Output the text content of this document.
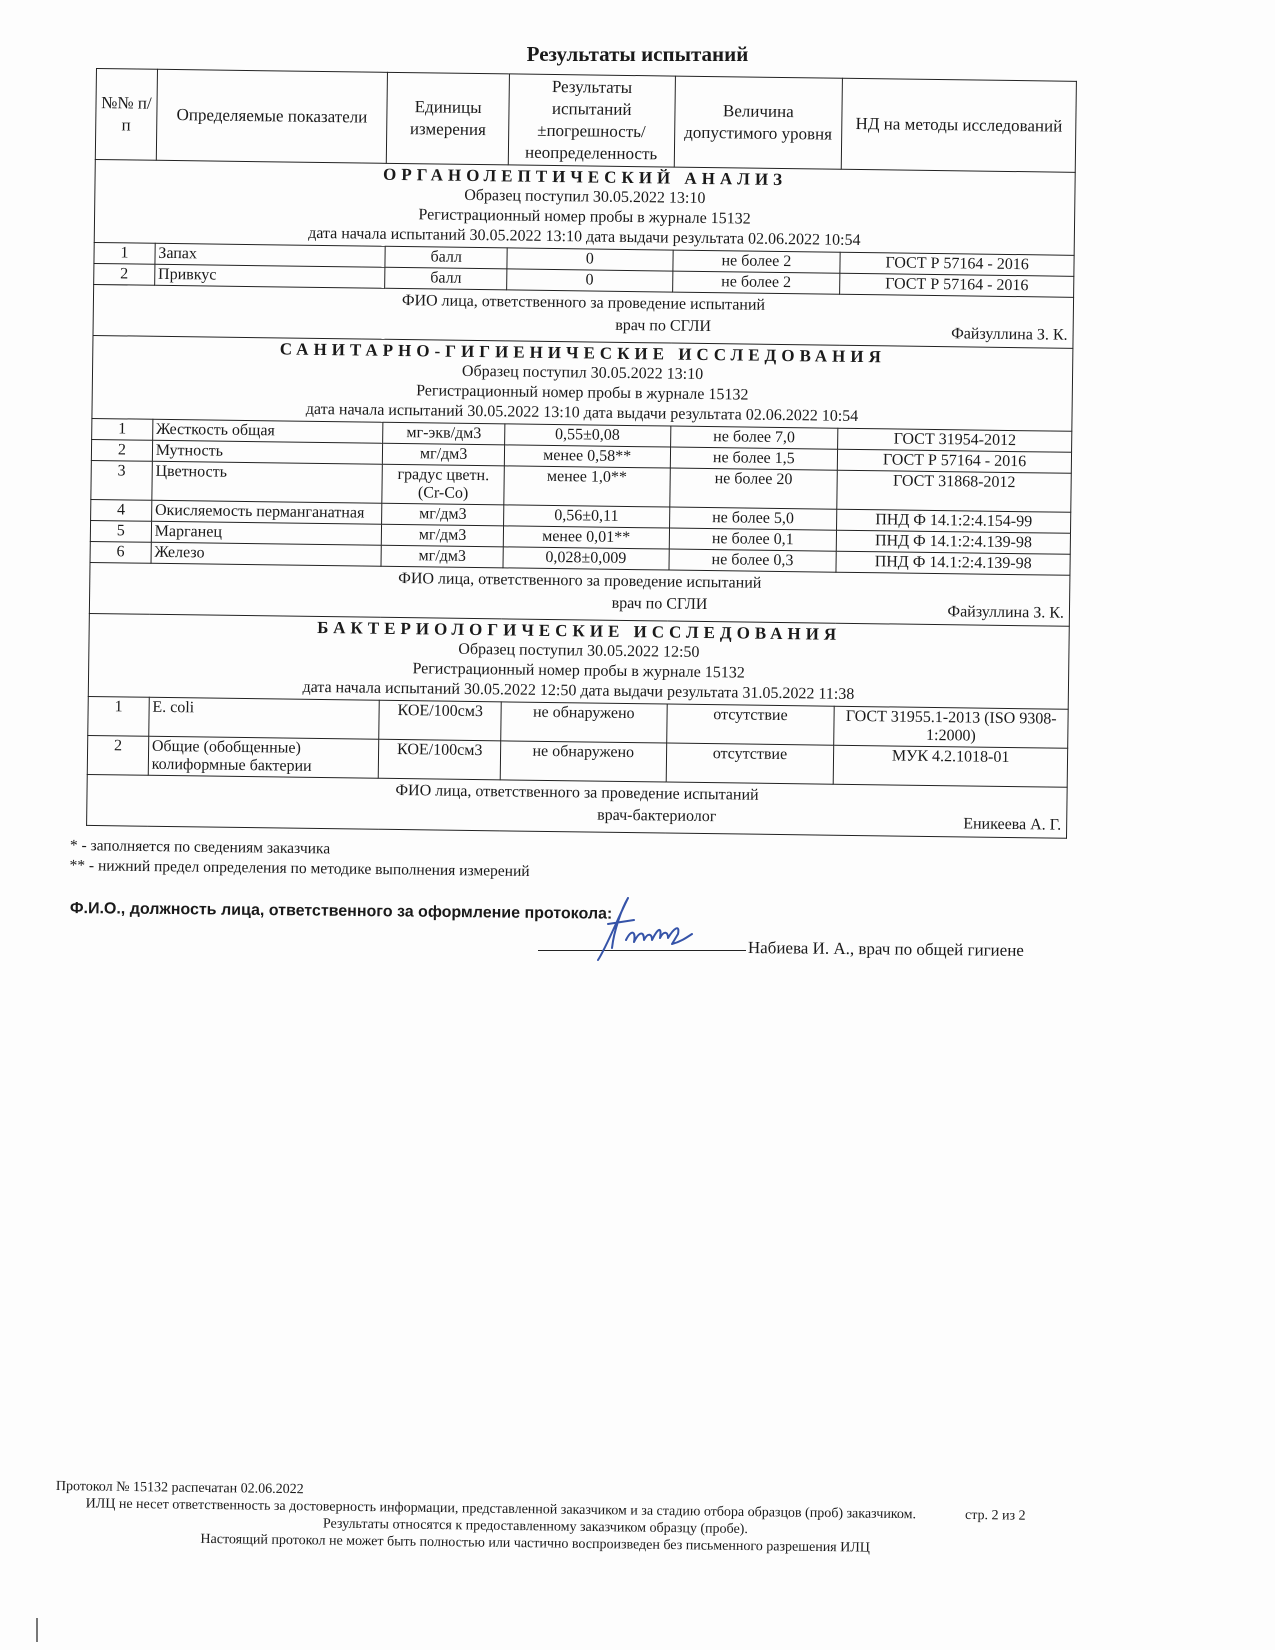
Результаты испытаний
№№ п/п	Определяемые показатели	Единицы измерения	Результаты испытаний ±погрешность/ неопределенность	Величина допустимого уровня	НД на методы исследований

ОРГАНОЛЕПТИЧЕСКИЙ АНАЛИЗ
Образец поступил 30.05.2022 13:10
Регистрационный номер пробы в журнале 15132
дата начала испытаний 30.05.2022 13:10 дата выдачи результата 02.06.2022 10:54					

1	Запах	балл	0	не более 2	ГОСТ Р 57164 - 2016
2	Привкус	балл	0	не более 2	ГОСТ Р 57164 - 2016

ФИО лица, ответственного за проведение испытаний
врач по СГЛИ Файзуллина З. К.					

САНИТАРНО-ГИГИЕНИЧЕСКИЕ ИССЛЕДОВАНИЯ
Образец поступил 30.05.2022 13:10
Регистрационный номер пробы в журнале 15132
дата начала испытаний 30.05.2022 13:10 дата выдачи результата 02.06.2022 10:54					

1	Жесткость общая	мг-экв/дм3	0,55±0,08	не более 7,0	ГОСТ 31954-2012
2	Мутность	мг/дм3	менее 0,58**	не более 1,5	ГОСТ Р 57164 - 2016
3	Цветность	градус цветн.(Cr-Co)	менее 1,0**	не более 20	ГОСТ 31868-2012
4	Окисляемость перманганатная	мг/дм3	0,56±0,11	не более 5,0	ПНД Ф 14.1:2:4.154-99
5	Марганец	мг/дм3	менее 0,01**	не более 0,1	ПНД Ф 14.1:2:4.139-98
6	Железо	мг/дм3	0,028±0,009	не более 0,3	ПНД Ф 14.1:2:4.139-98

ФИО лица, ответственного за проведение испытаний
врач по СГЛИ Файзуллина З. К.					

БАКТЕРИОЛОГИЧЕСКИЕ ИССЛЕДОВАНИЯ
Образец поступил 30.05.2022 12:50
Регистрационный номер пробы в журнале 15132
дата начала испытаний 30.05.2022 12:50 дата выдачи результата 31.05.2022 11:38					

1	E. coli	КОЕ/100см3	не обнаружено	отсутствие	ГОСТ 31955.1-2013 (ISO 9308-1:2000)
2	Общие (обобщенные) колиформные бактерии	КОЕ/100см3	не обнаружено	отсутствие	МУК 4.2.1018-01

ФИО лица, ответственного за проведение испытаний
врач-бактериолог Еникеева А. Г.					
* - заполняется по сведениям заказчика
** - нижний предел определения по методике выполнения измерений
Ф.И.О., должность лица, ответственного за оформление протокола:
Набиева И. А., врач по общей гигиене
Протокол № 15132 распечатан 02.06.2022
стр. 2 из 2
ИЛЦ не несет ответственность за достоверность информации, представленной заказчиком и за стадию отбора образцов (проб) заказчиком.
Результаты относятся к предоставленному заказчиком образцу (пробе).
Настоящий протокол не может быть полностью или частично воспроизведен без письменного разрешения ИЛЦ
